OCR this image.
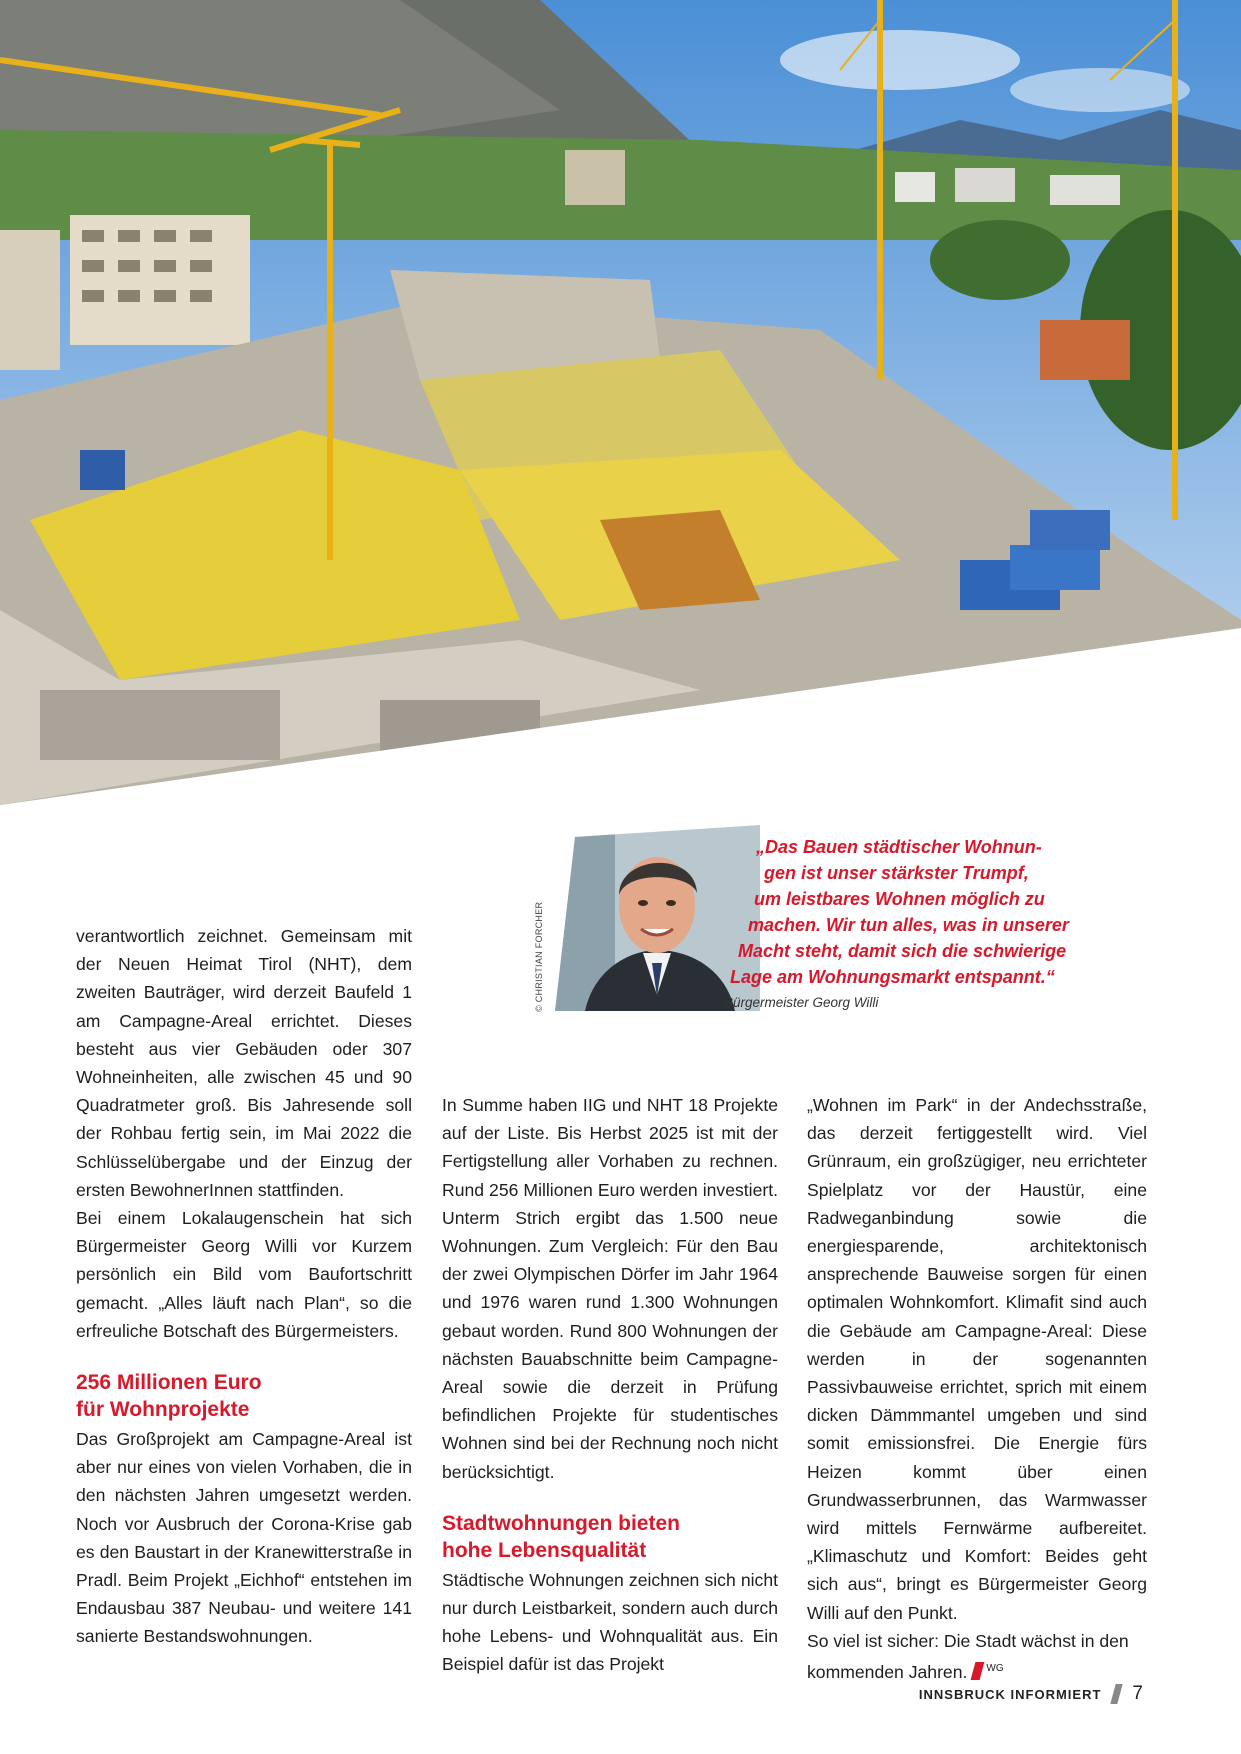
© CHRISTIAN FORCHER
„Das Bauen städtischer Wohnun-
gen ist unser stärkster Trumpf,
um leistbares Wohnen möglich zu
machen. Wir tun alles, was in unserer
Macht steht, damit sich die schwierige
Lage am Wohnungsmarkt entspannt.“
Bürgermeister Georg Willi

verantwortlich zeichnet. Gemeinsam mit der Neuen Heimat Tirol (NHT), dem zweiten Bauträger, wird derzeit Baufeld 1 am Campagne-Areal errichtet. Dieses besteht aus vier Gebäuden oder 307 Wohneinheiten, alle zwischen 45 und 90 Quadratmeter groß. Bis Jahresende soll der Rohbau fertig sein, im Mai 2022 die Schlüsselübergabe und der Einzug der ersten BewohnerInnen stattfinden.

Bei einem Lokalaugenschein hat sich Bürgermeister Georg Willi vor Kurzem persönlich ein Bild vom Baufortschritt gemacht. „Alles läuft nach Plan“, so die erfreuliche Botschaft des Bürgermeisters.

256 Millionen Euro
für Wohnprojekte

Das Großprojekt am Campagne-Areal ist aber nur eines von vielen Vorhaben, die in den nächsten Jahren umgesetzt werden. Noch vor Ausbruch der Corona-Krise gab es den Baustart in der Kranewitterstraße in Pradl. Beim Projekt „Eichhof“ entstehen im Endausbau 387 Neubau- und weitere 141 sanierte Bestandswohnungen.

In Summe haben IIG und NHT 18 Projekte auf der Liste. Bis Herbst 2025 ist mit der Fertigstellung aller Vorhaben zu rechnen. Rund 256 Millionen Euro werden investiert. Unterm Strich ergibt das 1.500 neue Wohnungen. Zum Vergleich: Für den Bau der zwei Olympischen Dörfer im Jahr 1964 und 1976 waren rund 1.300 Wohnungen gebaut worden. Rund 800 Wohnungen der nächsten Bauabschnitte beim Campagne-Areal sowie die derzeit in Prüfung befindlichen Projekte für studentisches Wohnen sind bei der Rechnung noch nicht berücksichtigt.

Stadtwohnungen bieten
hohe Lebensqualität

Städtische Wohnungen zeichnen sich nicht nur durch Leistbarkeit, sondern auch durch hohe Lebens- und Wohnqualität aus. Ein Beispiel dafür ist das Projekt

„Wohnen im Park“ in der Andechsstraße, das derzeit fertiggestellt wird. Viel Grünraum, ein großzügiger, neu errichteter Spielplatz vor der Haustür, eine Radweganbindung sowie die energiesparende, architektonisch ansprechende Bauweise sorgen für einen optimalen Wohnkomfort. Klimafit sind auch die Gebäude am Campagne-Areal: Diese werden in der sogenannten Passivbauweise errichtet, sprich mit einem dicken Dämmmantel umgeben und sind somit emissionsfrei. Die Energie fürs Heizen kommt über einen Grundwasserbrunnen, das Warmwasser wird mittels Fernwärme aufbereitet. „Klimaschutz und Komfort: Beides geht sich aus“, bringt es Bürgermeister Georg Willi auf den Punkt.

So viel ist sicher: Die Stadt wächst in den kommenden Jahren. $^{WG}$

INNSBRUCK INFORMIERT 7
